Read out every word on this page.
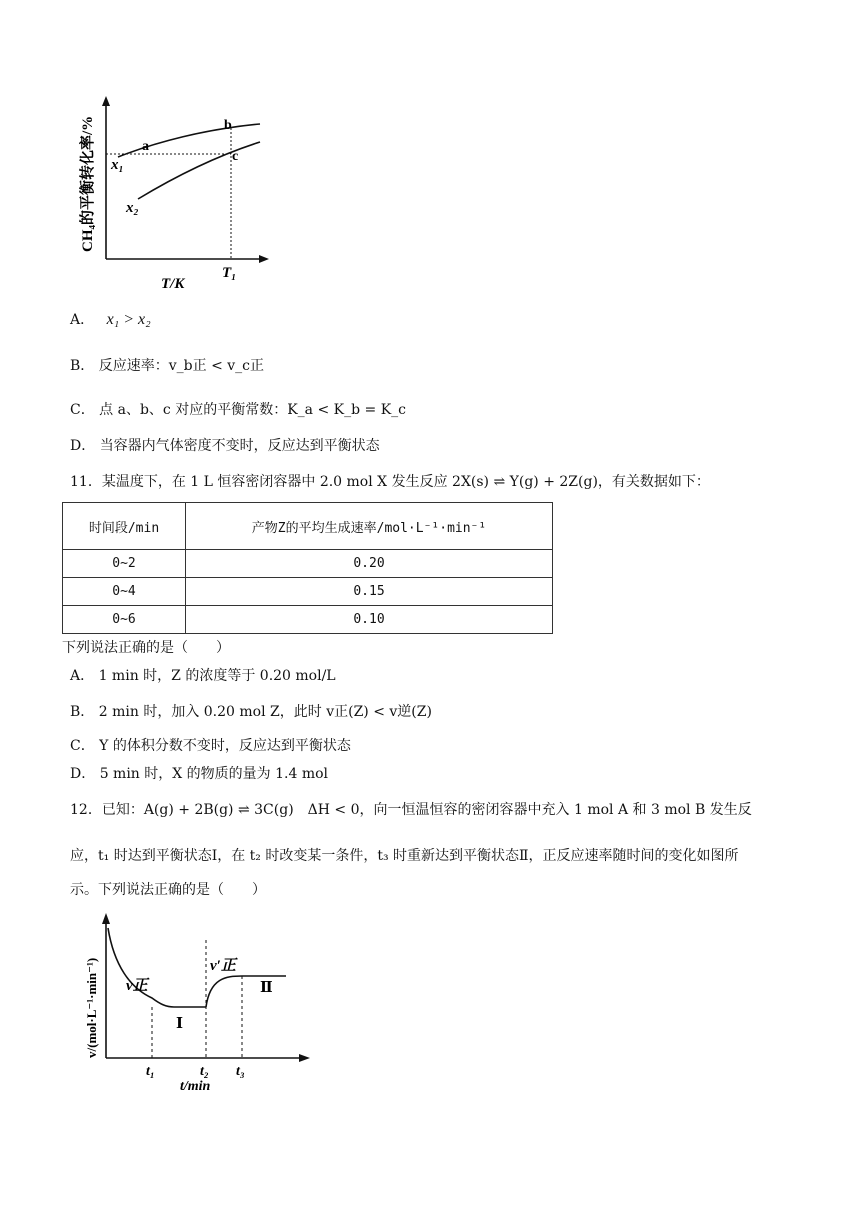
x₁
x₂
a
b
c
T₁
T/K
CH₄的平衡转化率/%
A． x₁ > x₂
B． 反应速率：v_b正 < v_c正
C． 点 a、b、c 对应的平衡常数：K_a < K_b = K_c
D． 当容器内气体密度不变时，反应达到平衡状态
11．某温度下，在 1 L 恒容密闭容器中 2.0 mol X 发生反应 2X(s) ⇌ Y(g) + 2Z(g)，有关数据如下：
时间段/min	产物Z的平均生成速率/mol·L⁻¹·min⁻¹
0~2	0.20
0~4	0.15
0~6	0.10
下列说法正确的是（　　）
A． 1 min 时，Z 的浓度等于 0.20 mol/L
B． 2 min 时，加入 0.20 mol Z，此时 v正(Z) < v逆(Z)
C． Y 的体积分数不变时，反应达到平衡状态
D． 5 min 时，X 的物质的量为 1.4 mol
12．已知：A(g) + 2B(g) ⇌ 3C(g)　ΔH < 0，向一恒温恒容的密闭容器中充入 1 mol A 和 3 mol B 发生反
应，t₁ 时达到平衡状态Ⅰ，在 t₂ 时改变某一条件，t₃ 时重新达到平衡状态Ⅱ，正反应速率随时间的变化如图所
示。下列说法正确的是（　　）
v正
v′正
Ⅰ
Ⅱ
t₁	t₂ t₃
t/min
v/(mol·L⁻¹·min⁻¹)
